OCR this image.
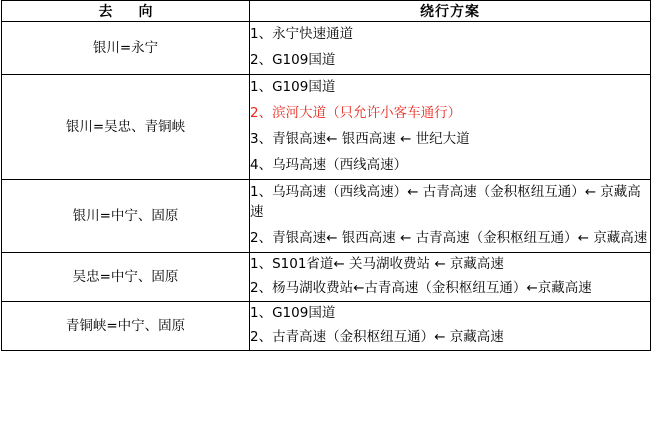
去　向	绕行方案
银川=永宁	1、永宁快速通道
2、G109国道

银川=吴忠、青铜峡	1、G109国道
2、滨河大道（只允许小客车通行）
3、青银高速← 银西高速 ← 世纪大道
4、乌玛高速（西线高速）

银川=中宁、固原	1、乌玛高速（西线高速）← 古青高速（金积枢纽互通）← 京藏高速
2、青银高速← 银西高速 ← 古青高速（金积枢纽互通）← 京藏高速

吴忠=中宁、固原	1、S101省道← 关马湖收费站 ← 京藏高速
2、杨马湖收费站←古青高速（金积枢纽互通）←京藏高速

青铜峡=中宁、固原	1、G109国道
2、古青高速（金积枢纽互通）← 京藏高速
